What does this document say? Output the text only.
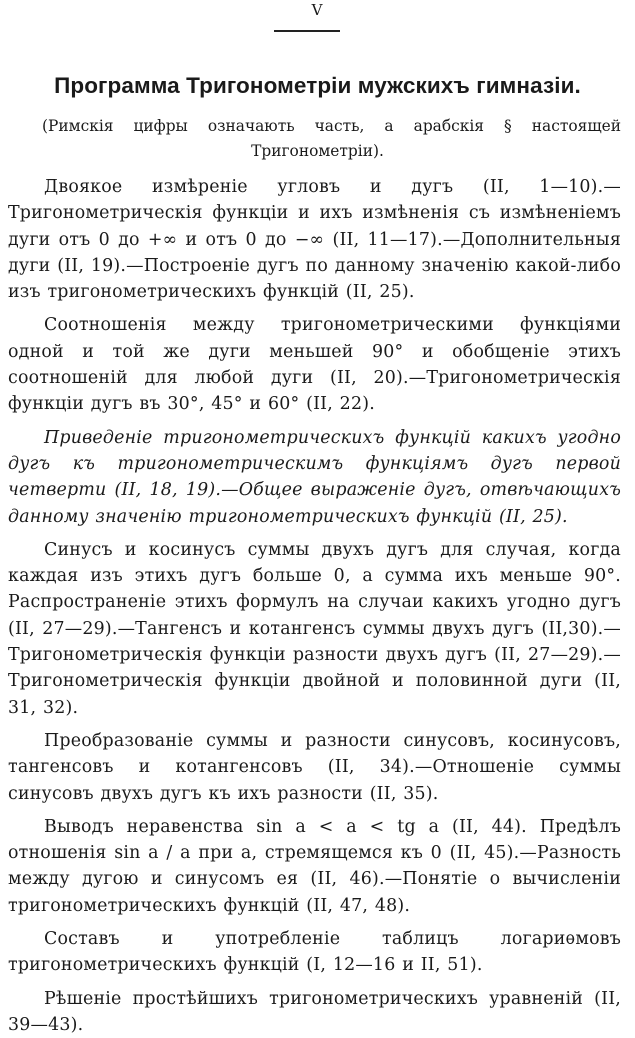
V
Программа Тригонометріи мужскихъ гимназіи.

(Римскія цифры означають часть, а арабскія § настоящей Тригонометріи).

Двоякое измѣреніе угловъ и дугъ (II, 1—10).—Тригонометрическія функціи и ихъ измѣненія съ измѣненіемъ дуги отъ 0 до +∞ и отъ 0 до −∞ (II, 11—17).—Дополнительныя дуги (II, 19).—Построеніе дугъ по данному значенію какой-либо изъ тригонометрическихъ функцій (II, 25).

Соотношенія между тригонометрическими функціями одной и той же дуги меньшей 90° и обобщеніе этихъ соотношеній для любой дуги (II, 20).—Тригонометрическія функціи дугъ въ 30°, 45° и 60° (II, 22).

Приведеніе тригонометрическихъ функцій какихъ угодно дугъ къ тригонометрическимъ функціямъ дугъ первой четверти (II, 18, 19).—Общее выраженіе дугъ, отвѣчающихъ данному значенію тригонометрическихъ функцій (II, 25).

Синусъ и косинусъ суммы двухъ дугъ для случая, когда каждая изъ этихъ дугъ больше 0, а сумма ихъ меньше 90°. Распространеніе этихъ формулъ на случаи какихъ угодно дугъ (II, 27—29).—Тангенсъ и котангенсъ суммы двухъ дугъ (II,30).—Тригонометрическія функціи разности двухъ дугъ (II, 27—29).—Тригонометрическія функціи двойной и половинной дуги (II, 31, 32).

Преобразованіе суммы и разности синусовъ, косинусовъ, тангенсовъ и котангенсовъ (II, 34).—Отношеніе суммы синусовъ двухъ дугъ къ ихъ разности (II, 35).

Выводъ неравенства sin a < a < tg a (II, 44). Предѣлъ отношенія sin a / a при a, стремящемся къ 0 (II, 45).—Разность между дугою и синусомъ ея (II, 46).—Понятіе о вычисленіи тригонометрическихъ функцій (II, 47, 48).

Составъ и употребленіе таблицъ логариѳмовъ тригонометрическихъ функцій (I, 12—16 и II, 51).

Рѣшеніе простѣйшихъ тригонометрическихъ уравненій (II, 39—43).
